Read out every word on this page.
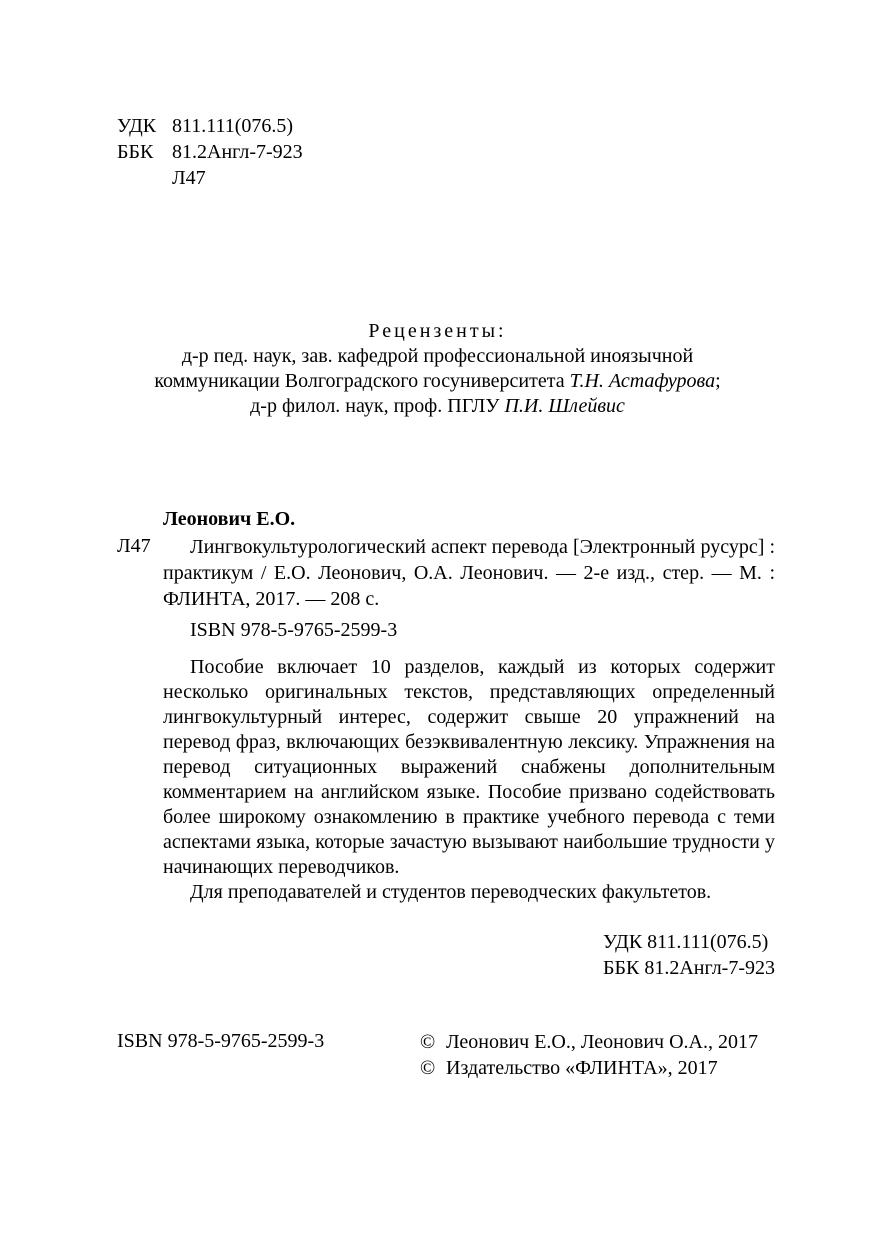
УДК 811.111(076.5)
ББК 81.2Англ-7-923
Л47

Рецензенты:

д-р пед. наук, зав. кафедрой профессиональной иноязычной

коммуникации Волгоградского госуниверситета Т.Н. Астафурова;

д-р филол. наук, проф. ПГЛУ П.И. Шлейвис

Леонович Е.О.
Л47	Лингвокультурологический аспект перевода [Электронный русурс] : практикум / Е.О. Леонович, О.А. Леонович. — 2-е изд., стер. — М. : ФЛИНТА, 2017. — 208 с.
ISBN 978-5-9765-2599-3

Пособие включает 10 разделов, каждый из которых содержит несколько оригинальных текстов, представляющих определенный лингвокультурный интерес, содержит свыше 20 упражнений на перевод фраз, включающих безэквивалентную лексику. Упражнения на перевод ситуационных выражений снабжены дополнительным комментарием на английском языке. Пособие призвано содействовать более широкому ознакомлению в практике учебного перевода с теми аспектами языка, которые зачастую вызывают наибольшие трудности у начинающих переводчиков.

Для преподавателей и студентов переводческих факультетов.

УДК 811.111(076.5)
ББК 81.2Англ-7-923
ISBN 978-5-9765-2599-3	© Леонович Е.О., Леонович О.А., 2017
© Издательство «ФЛИНТА», 2017
